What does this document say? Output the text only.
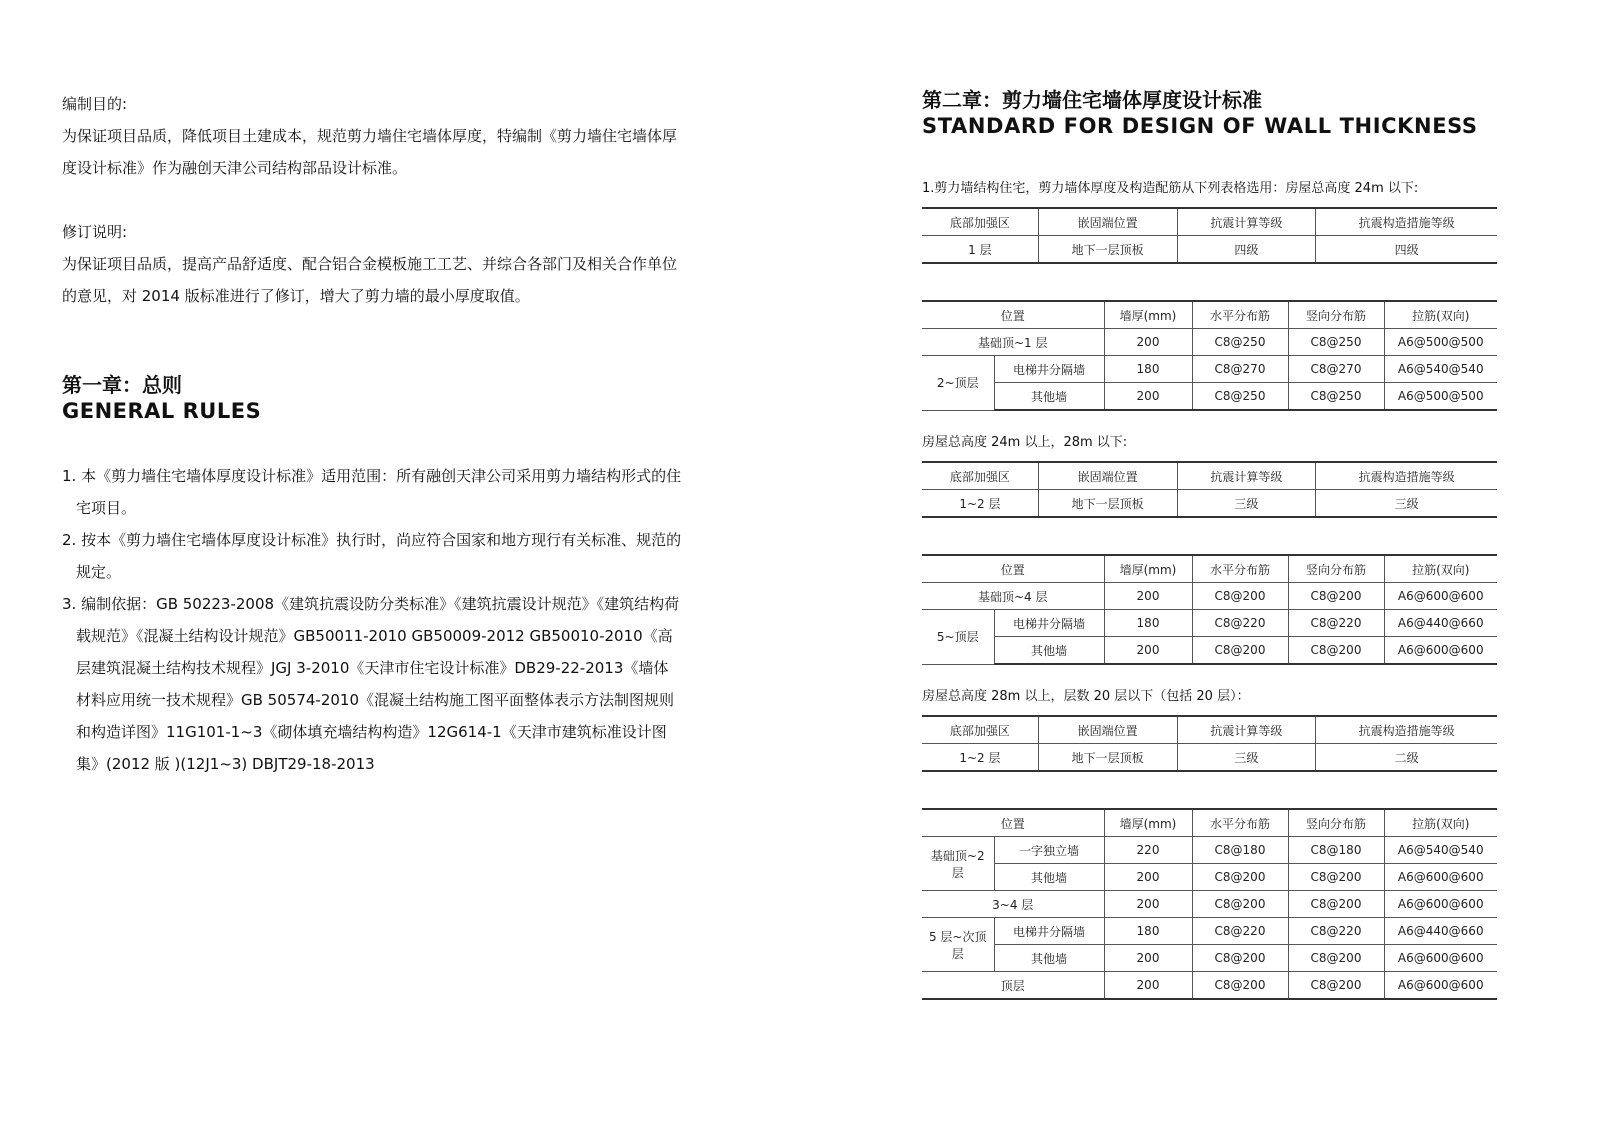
编制目的:
为保证项目品质，降低项目土建成本，规范剪力墙住宅墙体厚度，特编制《剪力墙住宅墙体厚度设计标准》作为融创天津公司结构部品设计标准。
修订说明:
为保证项目品质，提高产品舒适度、配合铝合金模板施工工艺、并综合各部门及相关合作单位的意见，对 2014 版标准进行了修订，增大了剪力墙的最小厚度取值。
第一章：总则
GENERAL RULES
1. 本《剪力墙住宅墙体厚度设计标准》适用范围：所有融创天津公司采用剪力墙结构形式的住宅项目。
2. 按本《剪力墙住宅墙体厚度设计标准》执行时，尚应符合国家和地方现行有关标准、规范的规定。
3. 编制依据：GB 50223-2008《建筑抗震设防分类标准》《建筑抗震设计规范》《建筑结构荷载规范》《混凝土结构设计规范》GB50011-2010 GB50009-2012 GB50010-2010《高层建筑混凝土结构技术规程》JGJ 3-2010《天津市住宅设计标准》DB29-22-2013《墙体材料应用统一技术规程》GB 50574-2010《混凝土结构施工图平面整体表示方法制图规则和构造详图》11G101-1~3《砌体填充墙结构构造》12G614-1《天津市建筑标准设计图集》(2012 版 )(12J1~3) DBJT29-18-2013
第二章：剪力墙住宅墙体厚度设计标准
STANDARD FOR DESIGN OF WALL THICKNESS
1.剪力墙结构住宅，剪力墙体厚度及构造配筋从下列表格选用：房屋总高度 24m 以下:
底部加强区	嵌固端位置	抗震计算等级	抗震构造措施等级
1 层	地下一层顶板	四级	四级
位置		墙厚(mm)	水平分布筋	竖向分布筋	拉筋(双向)
基础顶~1 层		200	C8@250	C8@250	A6@500@500
2~顶层	电梯井分隔墙	180	C8@270	C8@270	A6@540@540
	其他墙	200	C8@250	C8@250	A6@500@500
房屋总高度 24m 以上，28m 以下:
底部加强区	嵌固端位置	抗震计算等级	抗震构造措施等级
1~2 层	地下一层顶板	三级	三级
位置		墙厚(mm)	水平分布筋	竖向分布筋	拉筋(双向)
基础顶~4 层		200	C8@200	C8@200	A6@600@600
5~顶层	电梯井分隔墙	180	C8@220	C8@220	A6@440@660
	其他墙	200	C8@200	C8@200	A6@600@600
房屋总高度 28m 以上，层数 20 层以下（包括 20 层）：
底部加强区	嵌固端位置	抗震计算等级	抗震构造措施等级
1~2 层	地下一层顶板	三级	二级
位置		墙厚(mm)	水平分布筋	竖向分布筋	拉筋(双向)
基础顶~2 层	一字独立墙	220	C8@180	C8@180	A6@540@540
	其他墙	200	C8@200	C8@200	A6@600@600
3~4 层		200	C8@200	C8@200	A6@600@600
5 层~次顶层	电梯井分隔墙	180	C8@220	C8@220	A6@440@660
	其他墙	200	C8@200	C8@200	A6@600@600
顶层		200	C8@200	C8@200	A6@600@600
